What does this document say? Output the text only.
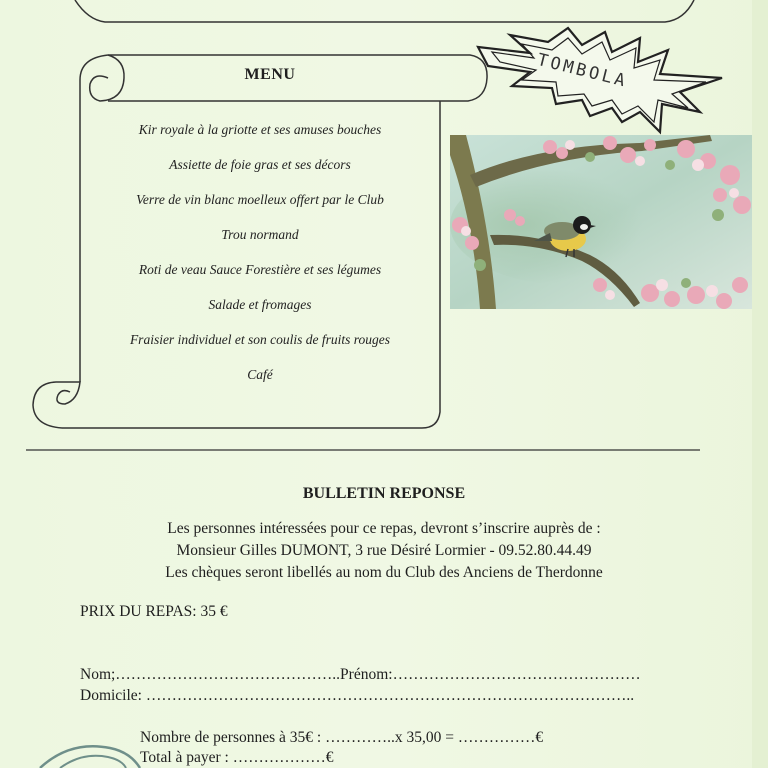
MENU
Kir royale à la griotte et ses amuses bouches
Assiette de foie gras et ses décors
Verre de vin blanc moelleux offert par le Club
Trou normand
Roti de veau Sauce Forestière et ses légumes
Salade et fromages
Fraisier individuel et son coulis de fruits rouges
Café
TOMBOLA
BULLETIN REPONSE
Les personnes intéressées pour ce repas, devront s’inscrire auprès de :
Monsieur Gilles DUMONT, 3 rue Désiré Lormier - 09.52.80.44.49
Les chèques seront libellés au nom du Club des Anciens de Therdonne
PRIX DU REPAS: 35 €
Nom;……………………………………..Prénom:…………………………………………
Domicile: …………………………………………………………………………………..
Nombre de personnes à 35€ : …………..x 35,00 = ……………€
Total à payer : ………………€
